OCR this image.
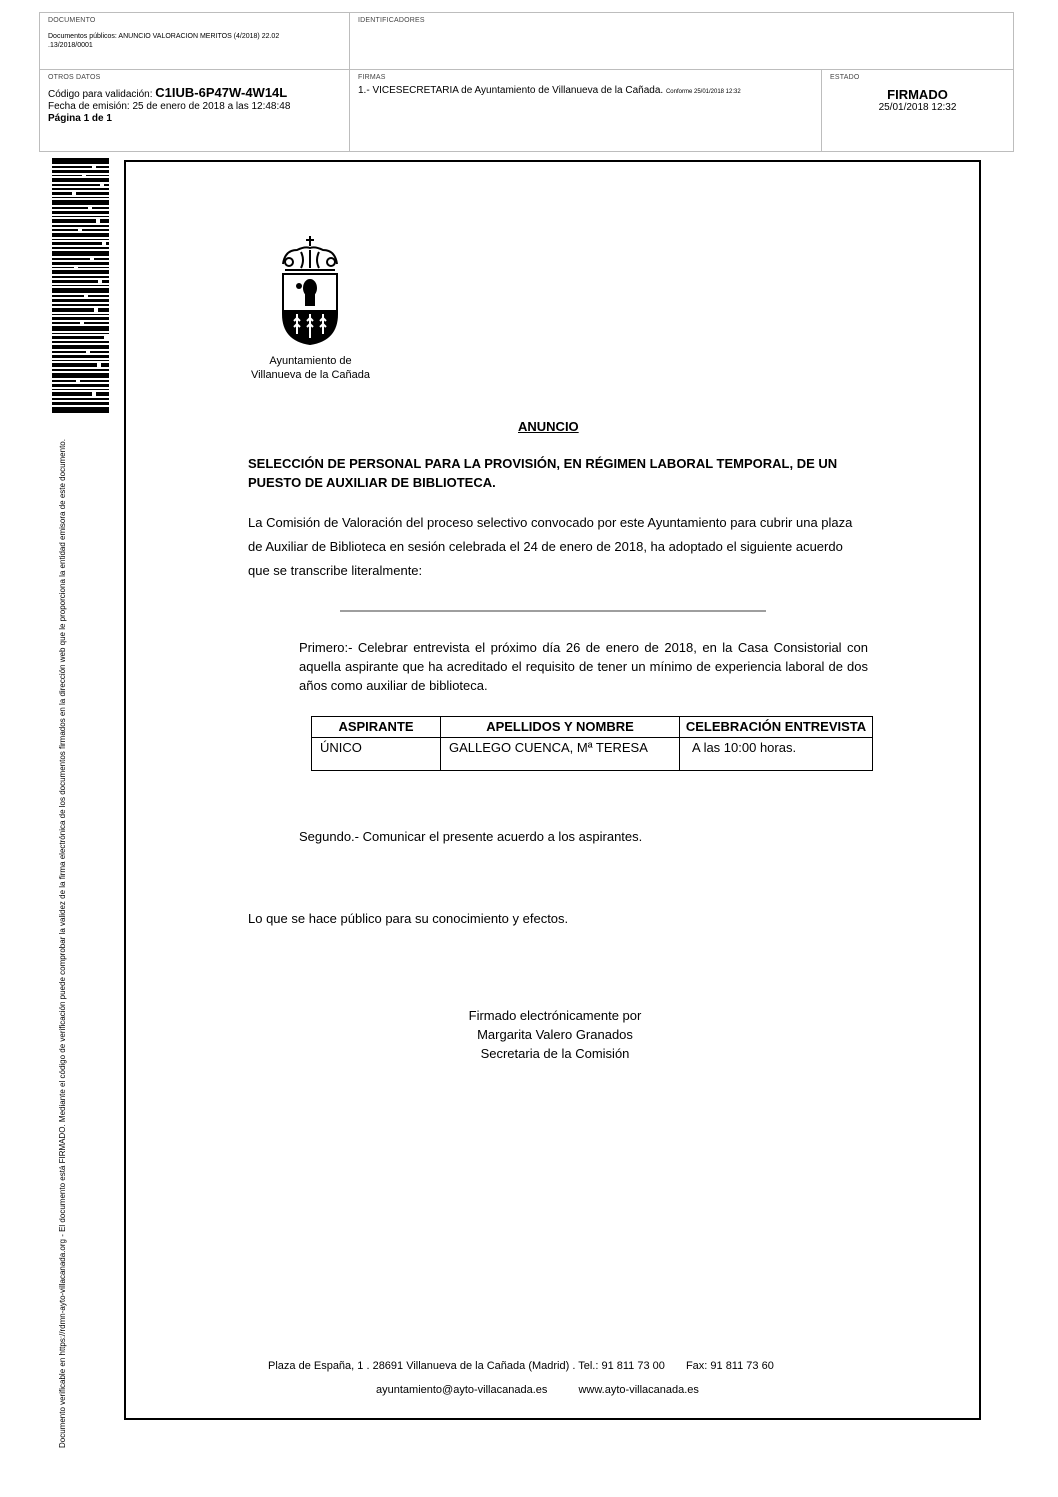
DOCUMENTO
Documentos públicos: ANUNCIO VALORACION MERITOS (4/2018) 22.02 .13/2018/0001
IDENTIFICADORES
OTROS DATOS
Código para validación: C1IUB-6P47W-4W14L
Fecha de emisión: 25 de enero de 2018 a las 12:48:48
Página 1 de 1
FIRMAS
1.- VICESECRETARIA de Ayuntamiento de Villanueva de la Cañada. Conforme 25/01/2018 12:32
ESTADO
FIRMADO
25/01/2018 12:32
Documento verificable en https://rdmn-ayto-villacanada.org - El documento está FIRMADO. Mediante el código de verificación puede comprobar la validez de la firma electrónica de los documentos firmados en la dirección web que le proporciona la entidad emisora de este documento.
Ayuntamiento de
Villanueva de la Cañada
ANUNCIO
SELECCIÓN DE PERSONAL PARA LA PROVISIÓN, EN RÉGIMEN LABORAL TEMPORAL, DE UN PUESTO DE AUXILIAR DE BIBLIOTECA.
La Comisión de Valoración del proceso selectivo convocado por este Ayuntamiento para cubrir una plaza de Auxiliar de Biblioteca en sesión celebrada el 24 de enero de 2018, ha adoptado el siguiente acuerdo que se transcribe literalmente:
Primero:- Celebrar entrevista el próximo día 26 de enero de 2018, en la Casa Consistorial con aquella aspirante que ha acreditado el requisito de tener un mínimo de experiencia laboral de dos años como auxiliar de biblioteca.
ASPIRANTE	APELLIDOS Y NOMBRE	CELEBRACIÓN ENTREVISTA
ÚNICO	GALLEGO CUENCA, Mª TERESA	A las 10:00 horas.
Segundo.- Comunicar el presente acuerdo a los aspirantes.
Lo que se hace público para su conocimiento y efectos.
Firmado electrónicamente por
Margarita Valero Granados
Secretaria de la Comisión
Plaza de España, 1 . 28691 Villanueva de la Cañada (Madrid) . Tel.: 91 811 73 00 Fax: 91 811 73 60
ayuntamiento@ayto-villacanada.es	www.ayto-villacanada.es
